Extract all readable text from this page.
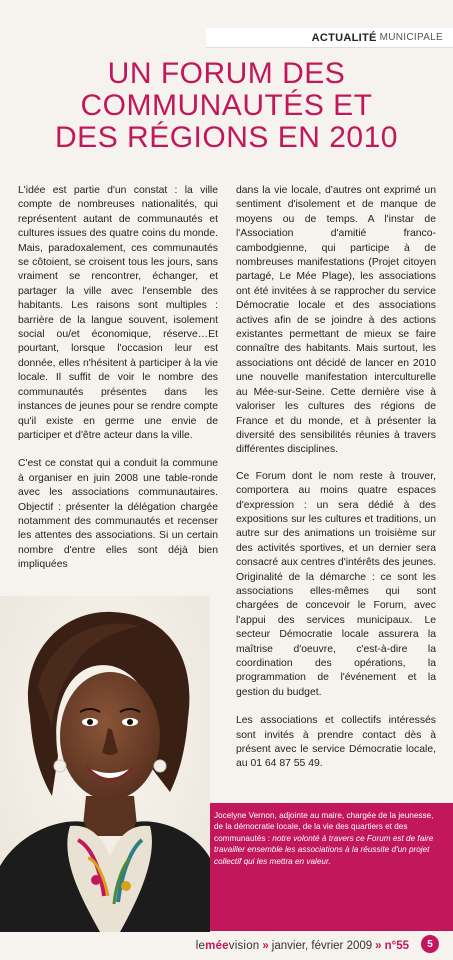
ACTUALITÉ MUNICIPALE
UN FORUM DES
COMMUNAUTÉS ET
DES RÉGIONS EN 2010

L'idée est partie d'un constat : la ville compte de nombreuses nationalités, qui représentent autant de communautés et cultures issues des quatre coins du monde. Mais, paradoxalement, ces communautés se côtoient, se croisent tous les jours, sans vraiment se rencontrer, échanger, et partager la ville avec l'ensemble des habitants. Les raisons sont multiples : barrière de la langue souvent, isolement social ou/et économique, réserve…Et pourtant, lorsque l'occasion leur est donnée, elles n'hésitent à participer à la vie locale. Il suffit de voir le nombre des communautés présentes dans les instances de jeunes pour se rendre compte qu'il existe en germe une envie de participer et d'être acteur dans la ville.

C'est ce constat qui a conduit la commune à organiser en juin 2008 une table-ronde avec les associations communautaires. Objectif : présenter la délégation chargée notamment des communautés et recenser les attentes des associations. Si un certain nombre d'entre elles sont déjà bien impliquées

dans la vie locale, d'autres ont exprimé un sentiment d'isolement et de manque de moyens ou de temps. A l'instar de l'Association d'amitié franco-cambodgienne, qui participe à de nombreuses manifestations (Projet citoyen partagé, Le Mée Plage), les associations ont été invitées à se rapprocher du service Démocratie locale et des associations actives afin de se joindre à des actions existantes permettant de mieux se faire connaître des habitants. Mais surtout, les associations ont décidé de lancer en 2010 une nouvelle manifestation interculturelle au Mée-sur-Seine. Cette dernière vise à valoriser les cultures des régions de France et du monde, et à présenter la diversité des sensibilités réunies à travers différentes disciplines.

Ce Forum dont le nom reste à trouver, comportera au moins quatre espaces d'expression : un sera dédié à des expositions sur les cultures et traditions, un autre sur des animations un troisième sur des activités sportives, et un dernier sera consacré aux centres d'intérêts des jeunes. Originalité de la démarche : ce sont les associations elles-mêmes qui sont chargées de concevoir le Forum, avec l'appui des services municipaux. Le secteur Démocratie locale assurera la maîtrise d'oeuvre, c'est-à-dire la coordination des opérations, la programmation de l'événement et la gestion du budget.

Les associations et collectifs intéressés sont invités à prendre contact dès à présent avec le service Démocratie locale, au 01 64 87 55 49.

Jocelyne Vernon, adjointe au maire, chargée de la jeunesse, de la démocratie locale, de la vie des quartiers et des communautés : notre volonté à travers ce Forum est de faire travailler ensemble les associations à la réussite d'un projet collectif qui les mettra en valeur.
leméevision » janvier, février 2009 » n°55	5
